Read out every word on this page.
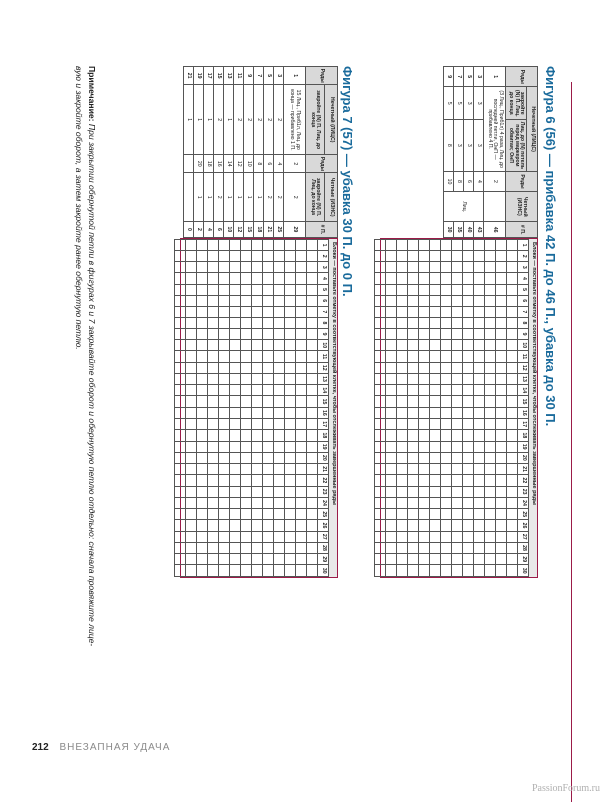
Фигура 6 (56) — прибавка 42 П. до 46 П., убавка до 30 П.
Ряды	Нечетный (ЛИЦС)		Ряды	Четный (ИЗНС)	# П.
	закройте (N) П. Лиц. до конца	Лиц. до (N) петель перед маркером обвитая; ОнП			
1	(3 Лиц., Приб1л) 4 раза, Лиц. до последней петли, ОнП — прибавлено 4 П.		2		46
3	3	3	4	Лиц.	43
5	3	3	6		40
7	5	3	8		35
9	5	8	10		30
Блоки — поставьте отметку в соответствующей клетке, чтобы отслеживать завершенные ряды
1	2	3	4	5	6	7	8	9	10	11	12	13	14	15	16	17	18	19	20	21	22	23	24	25	26	27	28	29	30

Фигура 7 (57) — убавка 30 П. до 0 П.
Ряды	Нечетный (ЛИЦС)	Ряды	Четные (ИЗНС)	# П.
	закройте (N) П. Лиц. до конца		закройте (N) П. Лиц. до конца	
1	15 Лиц., Приб1л, Лиц. до конца — прибавлено 1 П.	2	2	29
3	2	4	2	25
5	2	6	2	21
7	2	8	1	18
9	2	10	1	15
11	2	12	1	12
13	1	14	1	10
15	2	16	2	6
17	1	18	1	4
19	1	20	1	2
21	1			0
Блоки — поставьте отметку в соответствующей клетке, чтобы отслеживать завершенные ряды
1	2	3	4	5	6	7	8	9	10	11	12	13	14	15	16	17	18	19	20	21	22	23	24	25	26	27	28	29	30

Примечание: При закрытии обернутой петли в фигурах 6 и 7 закрывайте оборот и обернутую петлю отдельно: сначала провяжите лице-
вую и закройте оборот, а затем закройте ранее обернутую петлю.
212 ВНЕЗАПНАЯ УДАЧА
PassionForum.ru
